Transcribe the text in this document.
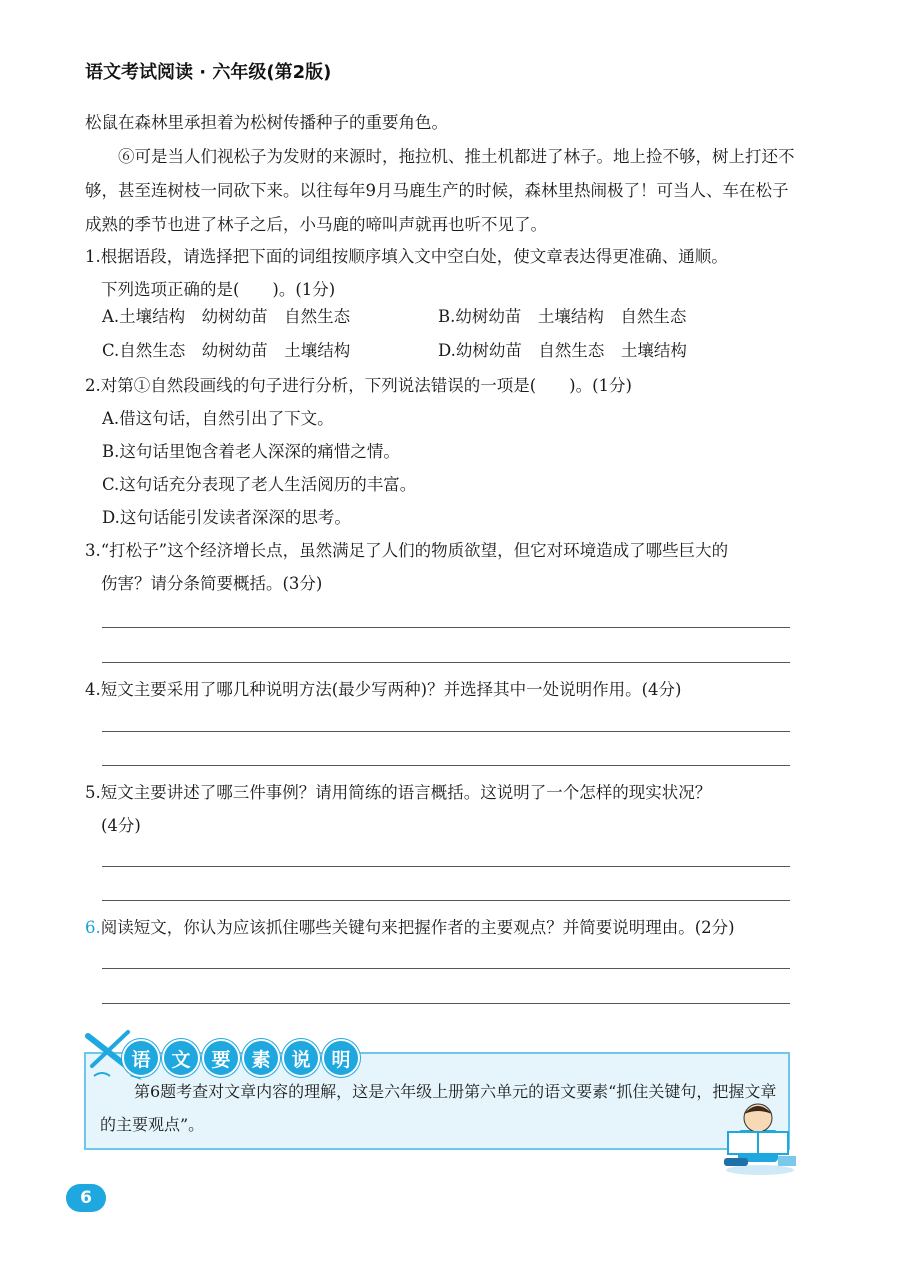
语文考试阅读 · 六年级(第2版)
松鼠在森林里承担着为松树传播种子的重要角色。
⑥可是当人们视松子为发财的来源时，拖拉机、推土机都进了林子。地上捡不够，树上打还不够，甚至连树枝一同砍下来。以往每年9月马鹿生产的时候，森林里热闹极了！可当人、车在松子成熟的季节也进了林子之后，小马鹿的啼叫声就再也听不见了。
1.根据语段，请选择把下面的词组按顺序填入文中空白处，使文章表达得更准确、通顺。
下列选项正确的是(　　)。(1分)
A.土壤结构　幼树幼苗　自然生态	B.幼树幼苗　土壤结构　自然生态
C.自然生态　幼树幼苗　土壤结构	D.幼树幼苗　自然生态　土壤结构
2.对第①自然段画线的句子进行分析，下列说法错误的一项是(　　)。(1分)
A.借这句话，自然引出了下文。
B.这句话里饱含着老人深深的痛惜之情。
C.这句话充分表现了老人生活阅历的丰富。
D.这句话能引发读者深深的思考。
3.“打松子”这个经济增长点，虽然满足了人们的物质欲望，但它对环境造成了哪些巨大的
伤害？请分条简要概括。(3分)
4.短文主要采用了哪几种说明方法(最少写两种)？并选择其中一处说明作用。(4分)
5.短文主要讲述了哪三件事例？请用简练的语言概括。这说明了一个怎样的现实状况？
(4分)
6.阅读短文，你认为应该抓住哪些关键句来把握作者的主要观点？并简要说明理由。(2分)
语	文	要	素	说	明
第6题考查对文章内容的理解，这是六年级上册第六单元的语文要素“抓住关键句，把握文章的主要观点”。
6
